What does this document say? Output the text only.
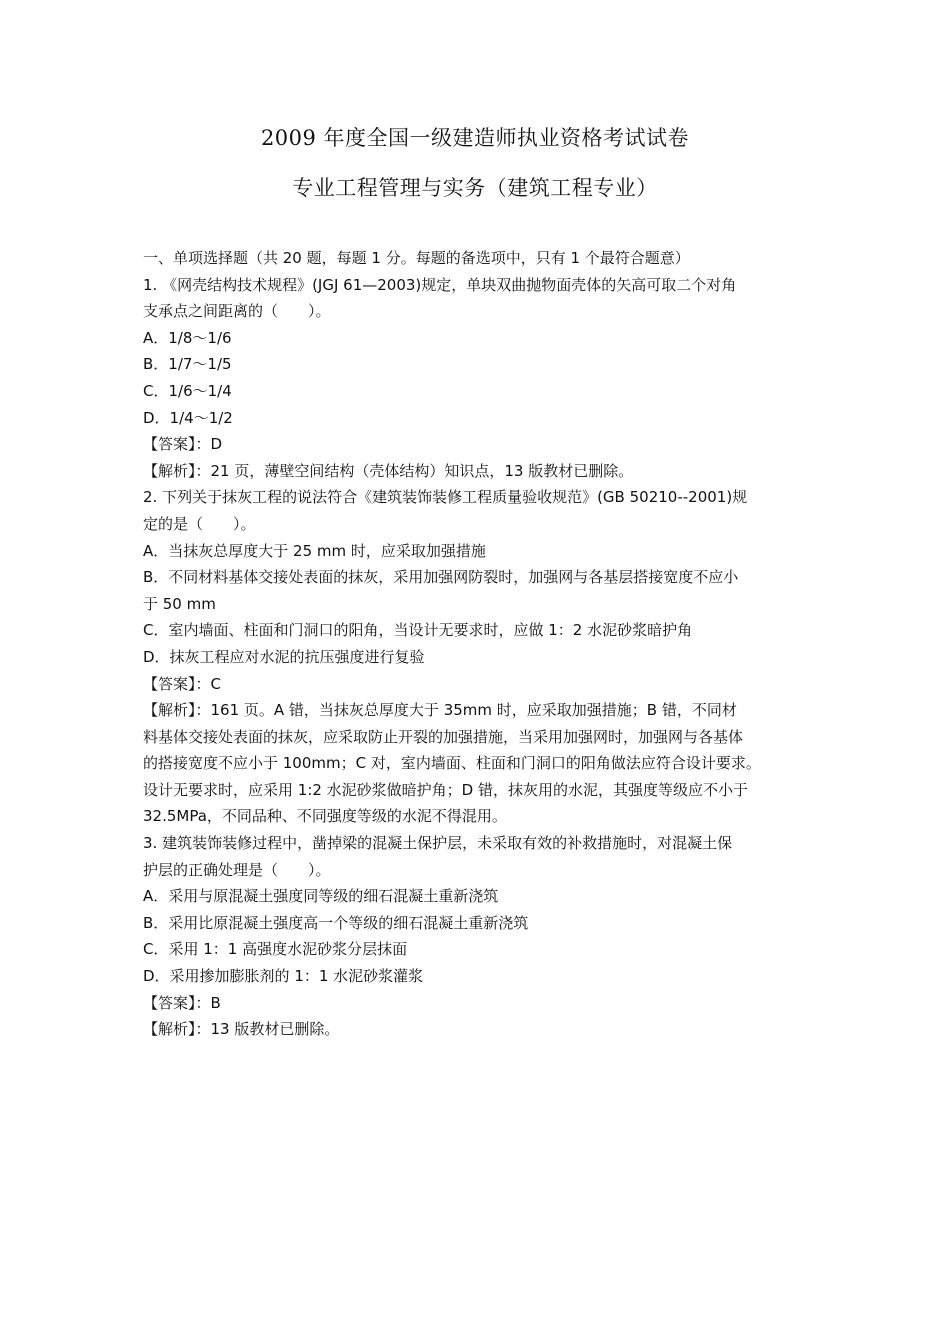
2009 年度全国一级建造师执业资格考试试卷
专业工程管理与实务（建筑工程专业）
一、单项选择题（共 20 题，每题 1 分。每题的备选项中，只有 1 个最符合题意）
1. 《网壳结构技术规程》(JGJ 61—2003)规定，单块双曲抛物面壳体的矢高可取二个对角
支承点之间距离的（　　）。
A．1/8～1/6
B．1/7～1/5
C．1/6～1/4
D．1/4～1/2
【答案】：D
【解析】：21 页，薄壁空间结构（壳体结构）知识点，13 版教材已删除。
2. 下列关于抹灰工程的说法符合《建筑装饰装修工程质量验收规范》(GB 50210--2001)规
定的是（　　）。
A．当抹灰总厚度大于 25 mm 时，应采取加强措施
B．不同材料基体交接处表面的抹灰，采用加强网防裂时，加强网与各基层搭接宽度不应小
于 50 mm
C．室内墙面、柱面和门洞口的阳角，当设计无要求时，应做 1：2 水泥砂浆暗护角
D．抹灰工程应对水泥的抗压强度进行复验
【答案】：C
【解析】：161 页。A 错，当抹灰总厚度大于 35mm 时，应采取加强措施；B 错，不同材
料基体交接处表面的抹灰，应采取防止开裂的加强措施，当采用加强网时，加强网与各基体
的搭接宽度不应小于 100mm；C 对，室内墙面、柱面和门洞口的阳角做法应符合设计要求。
设计无要求时，应采用 1:2 水泥砂浆做暗护角；D 错，抹灰用的水泥，其强度等级应不小于
32.5MPa，不同品种、不同强度等级的水泥不得混用。
3. 建筑装饰装修过程中，凿掉梁的混凝土保护层，未采取有效的补救措施时，对混凝土保
护层的正确处理是（　　）。
A．采用与原混凝土强度同等级的细石混凝土重新浇筑
B．采用比原混凝土强度高一个等级的细石混凝土重新浇筑
C．采用 1：1 高强度水泥砂浆分层抹面
D．采用掺加膨胀剂的 1：1 水泥砂浆灌浆
【答案】：B
【解析】：13 版教材已删除。
